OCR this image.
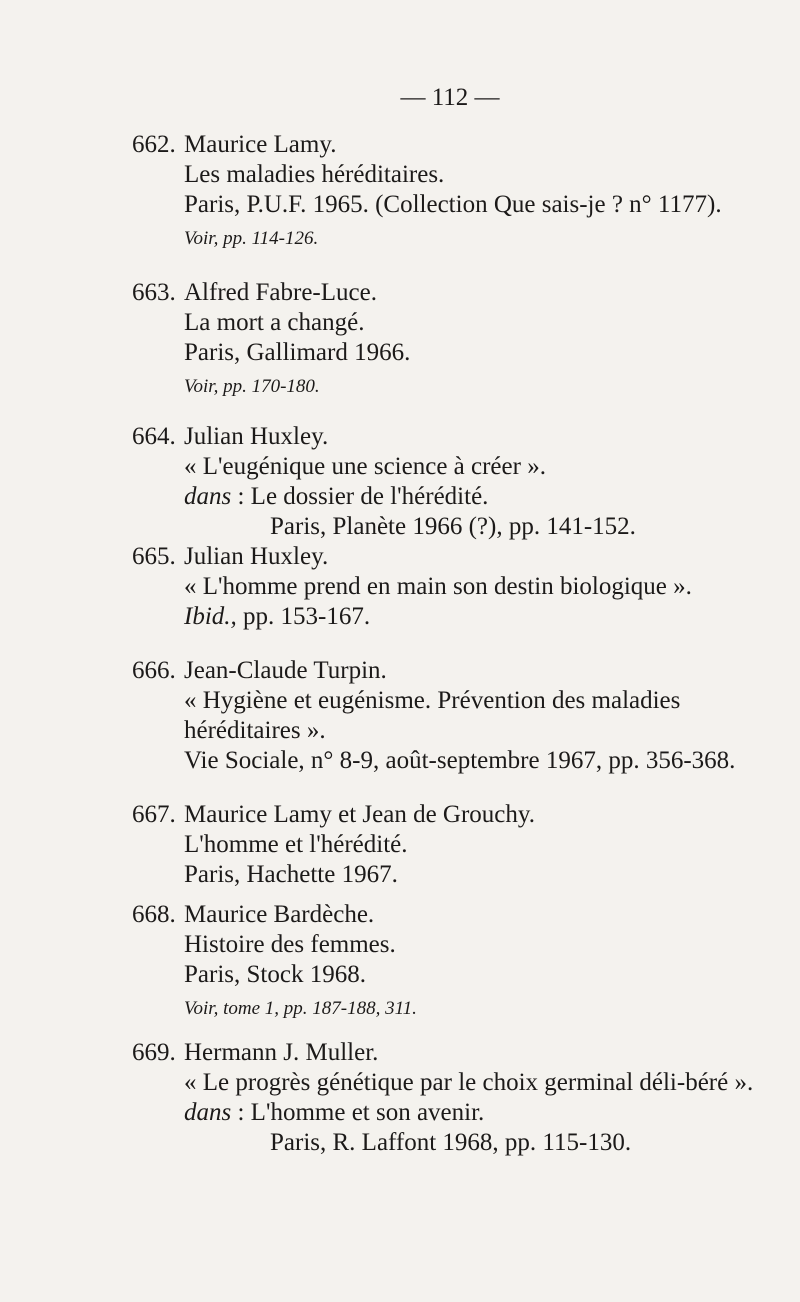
— 112 —
662. Maurice Lamy.
Les maladies héréditaires.
Paris, P.U.F. 1965. (Collection Que sais-je ? n° 1177).
Voir, pp. 114-126.
663. Alfred Fabre-Luce.
La mort a changé.
Paris, Gallimard 1966.
Voir, pp. 170-180.
664. Julian Huxley.
« L'eugénique une science à créer ».
dans : Le dossier de l'hérédité.
Paris, Planète 1966 (?), pp. 141-152.
665. Julian Huxley.
« L'homme prend en main son destin biologique ».
Ibid., pp. 153-167.
666. Jean-Claude Turpin.
« Hygiène et eugénisme. Prévention des maladies héréditaires ».
Vie Sociale, n° 8-9, août-septembre 1967, pp. 356-368.
667. Maurice Lamy et Jean de Grouchy.
L'homme et l'hérédité.
Paris, Hachette 1967.
668. Maurice Bardèche.
Histoire des femmes.
Paris, Stock 1968.
Voir, tome 1, pp. 187-188, 311.
669. Hermann J. Muller.
« Le progrès génétique par le choix germinal déli-béré ».
dans : L'homme et son avenir.
Paris, R. Laffont 1968, pp. 115-130.
